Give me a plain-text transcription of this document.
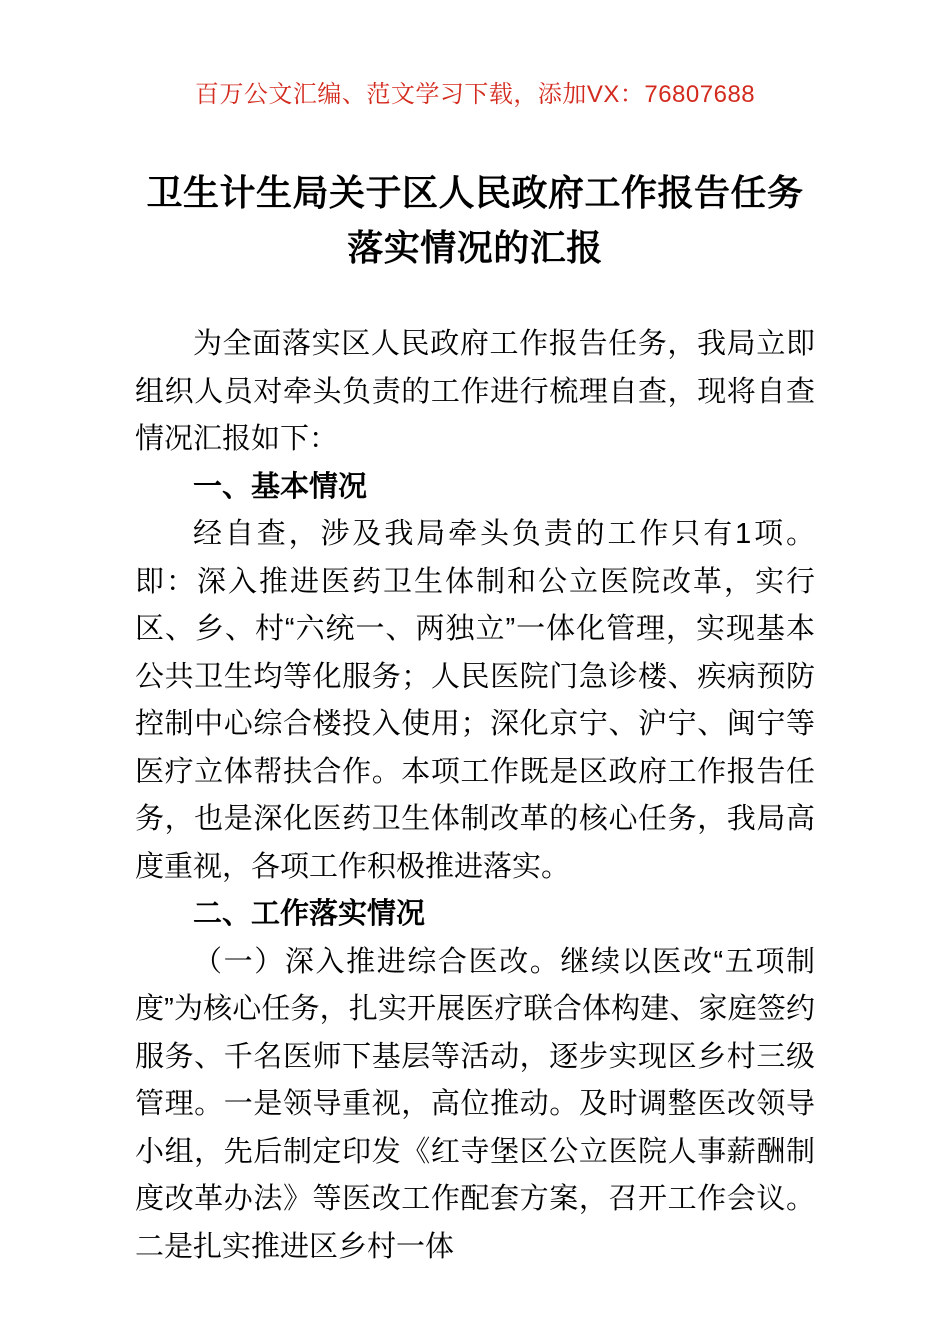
百万公文汇编、范文学习下载，添加VX：76807688
卫生计生局关于区人民政府工作报告任务落实情况的汇报

为全面落实区人民政府工作报告任务，我局立即组织人员对牵头负责的工作进行梳理自查，现将自查情况汇报如下：

一、基本情况

经自查，涉及我局牵头负责的工作只有1项。即：深入推进医药卫生体制和公立医院改革，实行区、乡、村“六统一、两独立”一体化管理，实现基本公共卫生均等化服务；人民医院门急诊楼、疾病预防控制中心综合楼投入使用；深化京宁、沪宁、闽宁等医疗立体帮扶合作。本项工作既是区政府工作报告任务，也是深化医药卫生体制改革的核心任务，我局高度重视，各项工作积极推进落实。

二、工作落实情况

（一）深入推进综合医改。继续以医改“五项制度”为核心任务，扎实开展医疗联合体构建、家庭签约服务、千名医师下基层等活动，逐步实现区乡村三级管理。一是领导重视，高位推动。及时调整医改领导小组，先后制定印发《红寺堡区公立医院人事薪酬制度改革办法》等医改工作配套方案，召开工作会议。二是扎实推进区乡村一体
